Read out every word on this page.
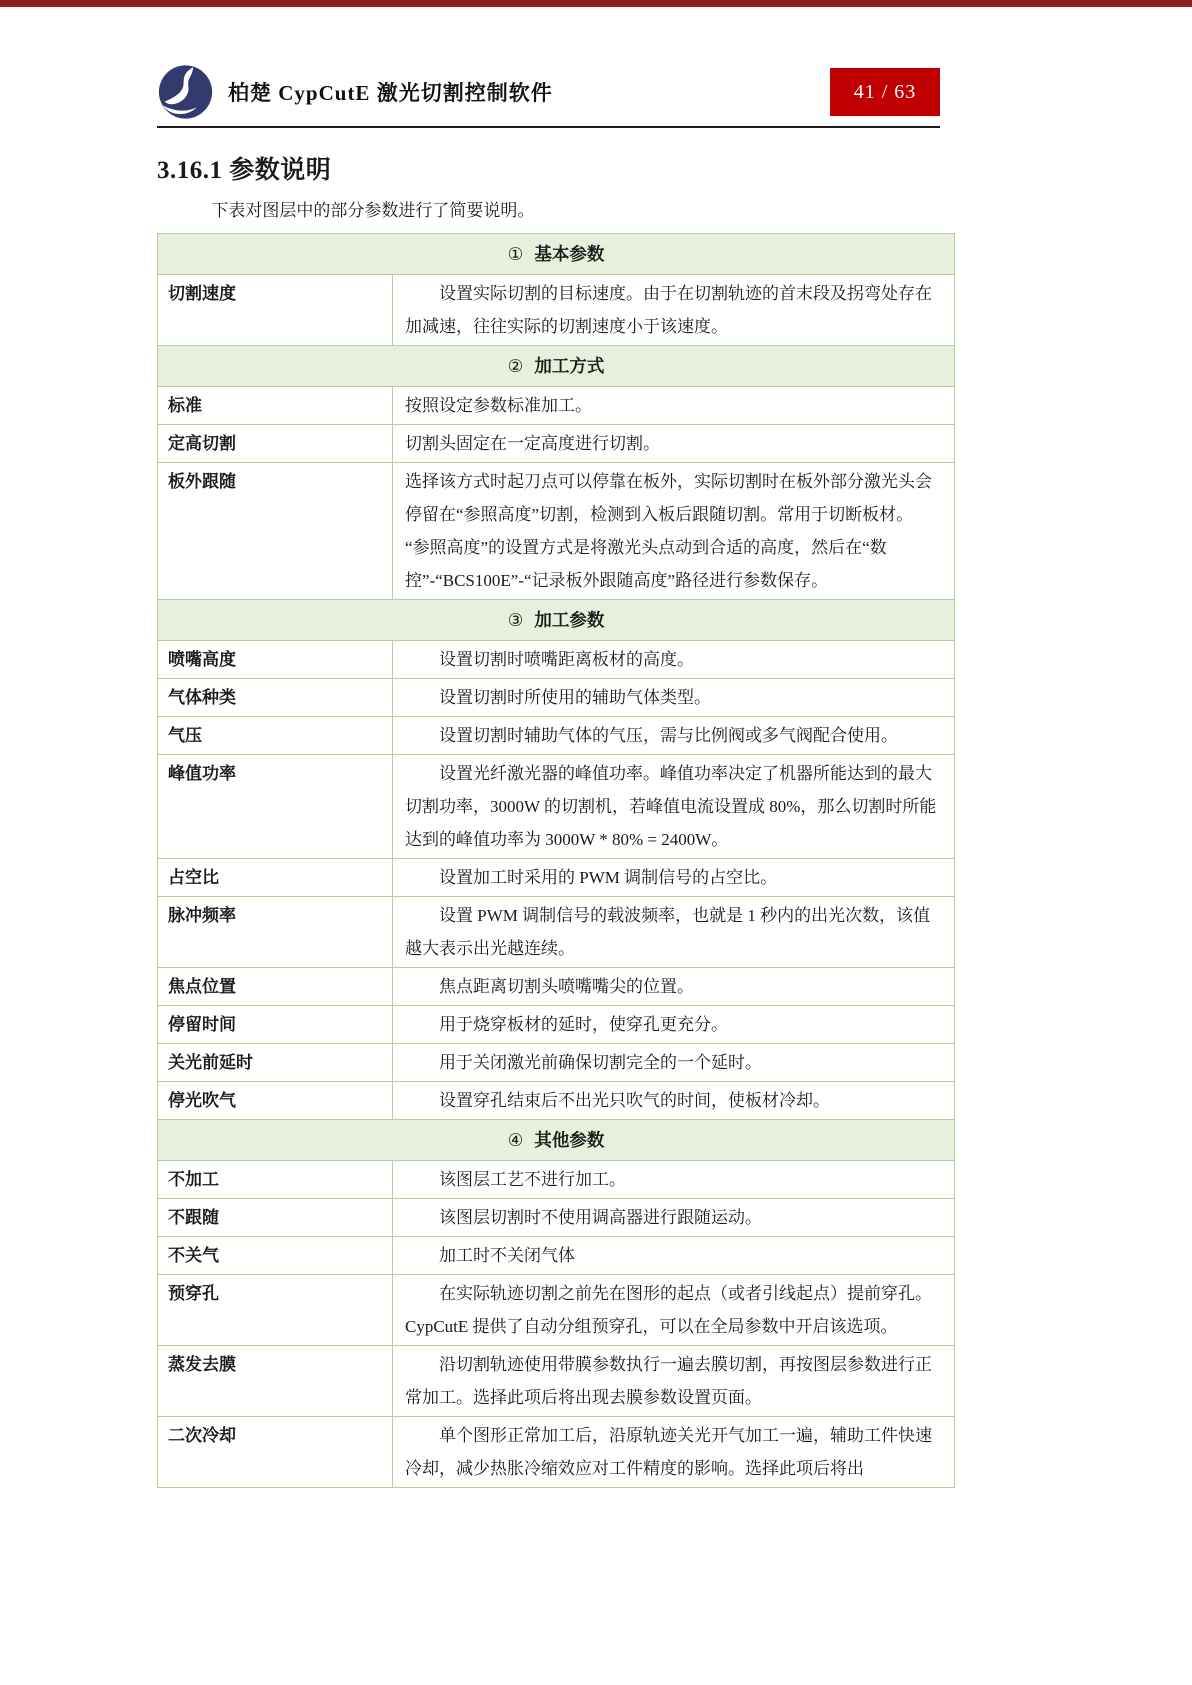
柏楚 CypCutE 激光切割控制软件	41 / 63
3.16.1 参数说明

下表对图层中的部分参数进行了简要说明。

① 基本参数
切割速度	设置实际切割的目标速度。由于在切割轨迹的首末段及拐弯处存在加减速，往往实际的切割速度小于该速度。

② 加工方式
标准	按照设定参数标准加工。

定高切割	切割头固定在一定高度进行切割。

板外跟随	选择该方式时起刀点可以停靠在板外，实际切割时在板外部分激光头会停留在“参照高度”切割，检测到入板后跟随切割。常用于切断板材。

“参照高度”的设置方式是将激光头点动到合适的高度，然后在“数控”-“BCS100E”-“记录板外跟随高度”路径进行参数保存。

③ 加工参数
喷嘴高度	设置切割时喷嘴距离板材的高度。

气体种类	设置切割时所使用的辅助气体类型。

气压	设置切割时辅助气体的气压，需与比例阀或多气阀配合使用。

峰值功率	设置光纤激光器的峰值功率。峰值功率决定了机器所能达到的最大切割功率，3000W 的切割机，若峰值电流设置成 80%，那么切割时所能达到的峰值功率为 3000W * 80% = 2400W。

占空比	设置加工时采用的 PWM 调制信号的占空比。

脉冲频率	设置 PWM 调制信号的载波频率，也就是 1 秒内的出光次数，该值越大表示出光越连续。

焦点位置	焦点距离切割头喷嘴嘴尖的位置。

停留时间	用于烧穿板材的延时，使穿孔更充分。

关光前延时	用于关闭激光前确保切割完全的一个延时。

停光吹气	设置穿孔结束后不出光只吹气的时间，使板材冷却。

④ 其他参数
不加工	该图层工艺不进行加工。

不跟随	该图层切割时不使用调高器进行跟随运动。

不关气	加工时不关闭气体

预穿孔	在实际轨迹切割之前先在图形的起点（或者引线起点）提前穿孔。CypCutE 提供了自动分组预穿孔，可以在全局参数中开启该选项。

蒸发去膜	沿切割轨迹使用带膜参数执行一遍去膜切割，再按图层参数进行正常加工。选择此项后将出现去膜参数设置页面。

二次冷却	单个图形正常加工后，沿原轨迹关光开气加工一遍，辅助工件快速冷却，减少热胀冷缩效应对工件精度的影响。选择此项后将出
